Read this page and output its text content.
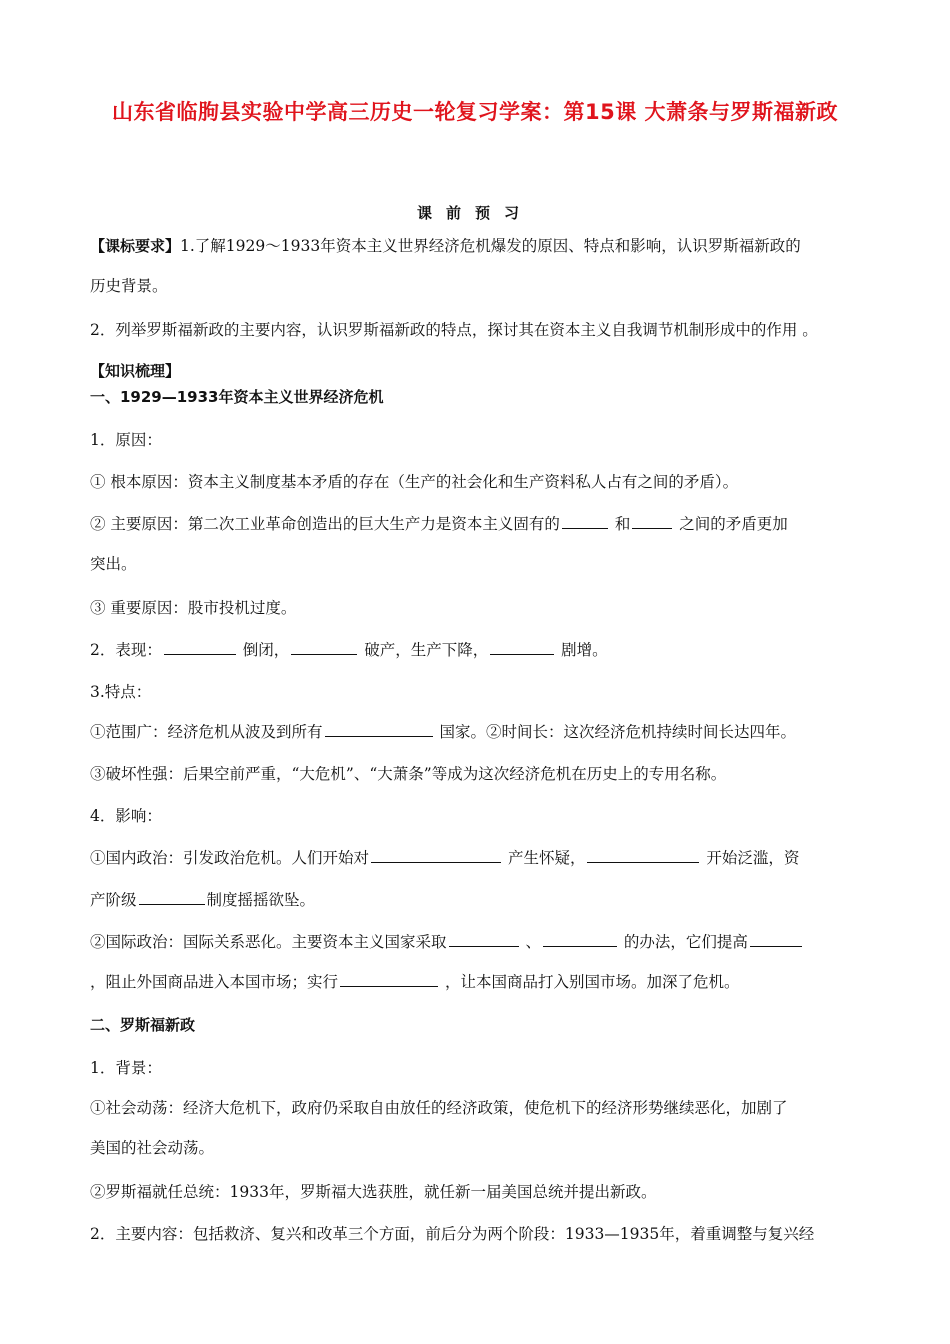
山东省临朐县实验中学高三历史一轮复习学案：第15课 大萧条与罗斯福新政
课前预习
【课标要求】1.了解1929～1933年资本主义世界经济危机爆发的原因、特点和影响，认识罗斯福新政的
历史背景。
2．列举罗斯福新政的主要内容，认识罗斯福新政的特点，探讨其在资本主义自我调节机制形成中的作用 。
【知识梳理】
一、1929—1933年资本主义世界经济危机
1．原因：
① 根本原因：资本主义制度基本矛盾的存在（生产的社会化和生产资料私人占有之间的矛盾）。
② 主要原因：第二次工业革命创造出的巨大生产力是资本主义固有的	和	之间的矛盾更加
突出。
③ 重要原因：股市投机过度。
2．表现：	倒闭，	破产，生产下降，	剧增。
3.特点：
①范围广：经济危机从波及到所有	国家。②时间长：这次经济危机持续时间长达四年。
③破坏性强：后果空前严重，“大危机”、“大萧条”等成为这次经济危机在历史上的专用名称。
4．影响：
①国内政治：引发政治危机。人们开始对	产生怀疑，	开始泛滥，资
产阶级	制度摇摇欲坠。
②国际政治：国际关系恶化。主要资本主义国家采取	、	的办法，它们提高
，阻止外国商品进入本国市场；实行	，让本国商品打入别国市场。加深了危机。
二、罗斯福新政
1．背景：
①社会动荡：经济大危机下，政府仍采取自由放任的经济政策，使危机下的经济形势继续恶化，加剧了
美国的社会动荡。
②罗斯福就任总统：1933年，罗斯福大选获胜，就任新一届美国总统并提出新政。
2．主要内容：包括救济、复兴和改革三个方面，前后分为两个阶段：1933—1935年，着重调整与复兴经
